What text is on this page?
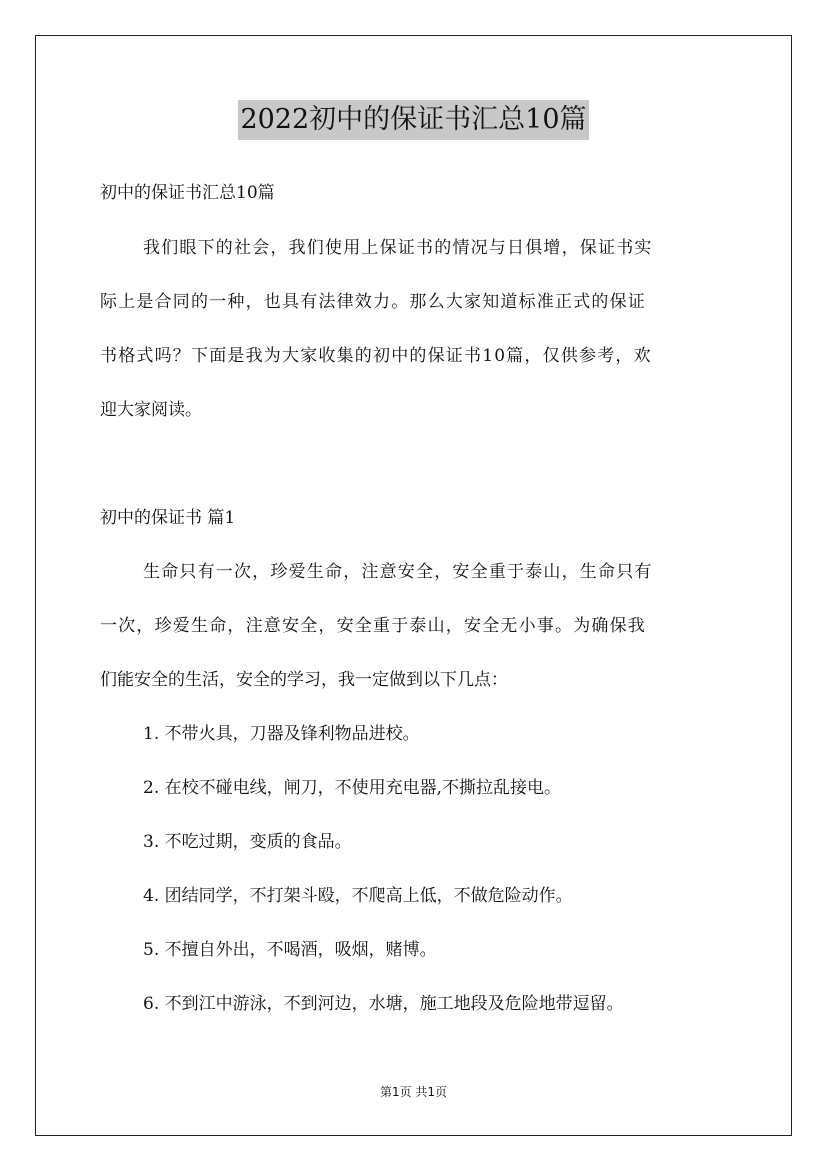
2022初中的保证书汇总10篇
初中的保证书汇总10篇
我们眼下的社会，我们使用上保证书的情况与日俱增，保证书实
际上是合同的一种，也具有法律效力。那么大家知道标准正式的保证
书格式吗？下面是我为大家收集的初中的保证书10篇，仅供参考，欢
迎大家阅读。
初中的保证书 篇1
生命只有一次，珍爱生命，注意安全，安全重于泰山，生命只有
一次，珍爱生命，注意安全，安全重于泰山，安全无小事。为确保我
们能安全的生活，安全的学习，我一定做到以下几点：
1. 不带火具，刀器及锋利物品进校。
2. 在校不碰电线，闸刀，不使用充电器,不撕拉乱接电。
3. 不吃过期，变质的食品。
4. 团结同学，不打架斗殴，不爬高上低，不做危险动作。
5. 不擅自外出，不喝酒，吸烟，赌博。
6. 不到江中游泳，不到河边，水塘，施工地段及危险地带逗留。
第1页 共1页
